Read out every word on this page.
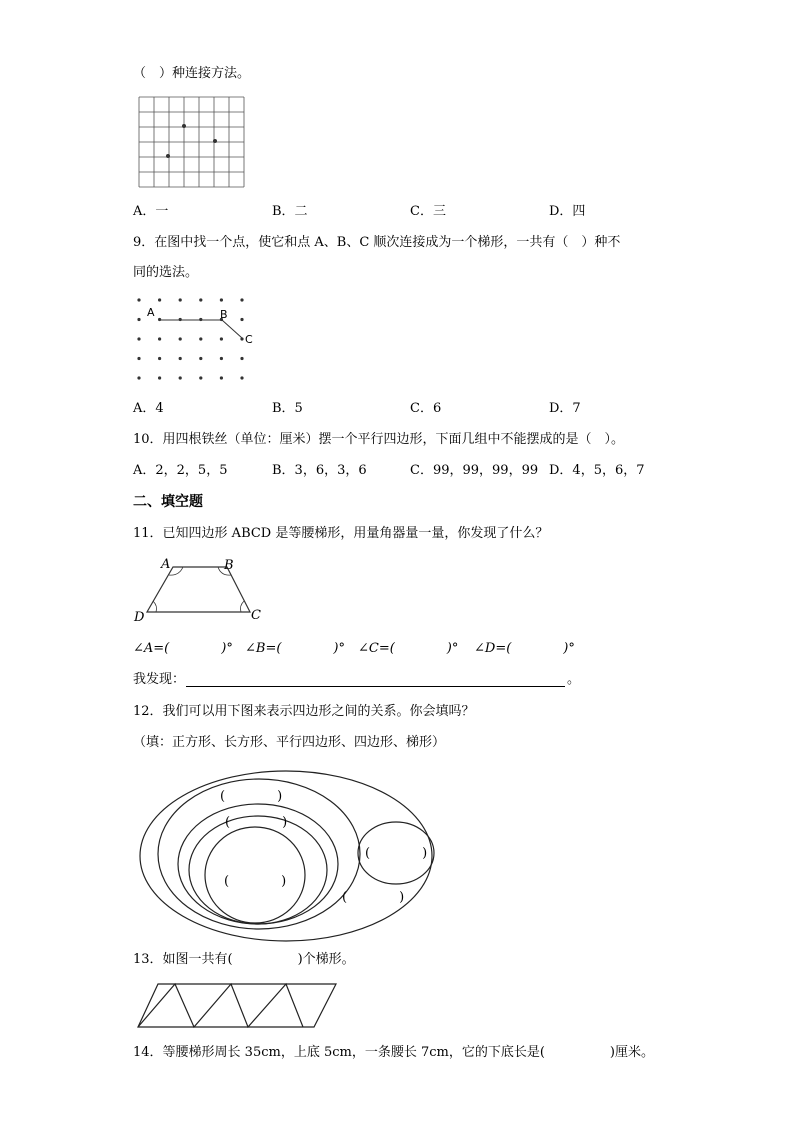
（　）种连接方法。
A．一	B．二	C．三	D．四
9．在图中找一个点，使它和点 A、B、C 顺次连接成为一个梯形，一共有（　）种不
同的选法。
A	B
C
A．4	B．5	C．6	D．7
10．用四根铁丝（单位：厘米）摆一个平行四边形，下面几组中不能摆成的是（　）。
A．2，2，5，5	B．3，6，3，6	C．99，99，99，99 D．4，5，6，7
二、填空题
11．已知四边形 ABCD 是等腰梯形，用量角器量一量，你发现了什么？
A	B
C
D
∠A=(　　　　)° ∠B=(　　　　)° ∠C=(　　　　)° ∠D=(　　　　)°
我发现：	。
12．我们可以用下图来表示四边形之间的关系。你会填吗？
（填：正方形、长方形、平行四边形、四边形、梯形）
(　　　　)
(　　　　)
(　　　　)
(　　　　)
(　　　　)
13．如图一共有(　　　　　)个梯形。
14．等腰梯形周长 35cm，上底 5cm，一条腰长 7cm，它的下底长是(　　　　　)厘米。
